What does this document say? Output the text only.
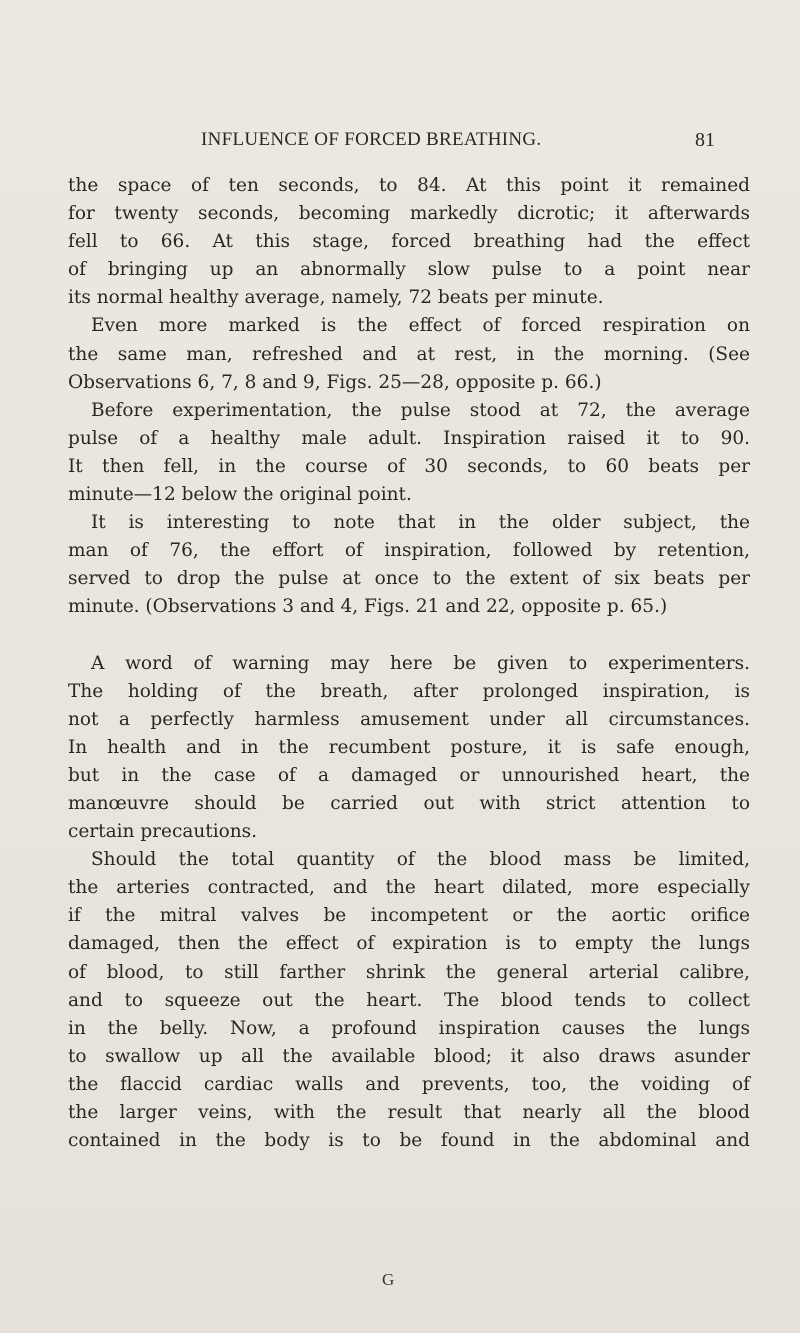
INFLUENCE OF FORCED BREATHING.	81
the space of ten seconds, to 84. At this point it remained
for twenty seconds, becoming markedly dicrotic; it afterwards
fell to 66. At this stage, forced breathing had the effect
of bringing up an abnormally slow pulse to a point near
its normal healthy average, namely, 72 beats per minute.
Even more marked is the effect of forced respiration on
the same man, refreshed and at rest, in the morning. (See
Observations 6, 7, 8 and 9, Figs. 25—28, opposite p. 66.)
Before experimentation, the pulse stood at 72, the average
pulse of a healthy male adult. Inspiration raised it to 90.
It then fell, in the course of 30 seconds, to 60 beats per
minute—12 below the original point.
It is interesting to note that in the older subject, the
man of 76, the effort of inspiration, followed by retention,
served to drop the pulse at once to the extent of six beats per
minute. (Observations 3 and 4, Figs. 21 and 22, opposite p. 65.)
A word of warning may here be given to experimenters.
The holding of the breath, after prolonged inspiration, is
not a perfectly harmless amusement under all circumstances.
In health and in the recumbent posture, it is safe enough,
but in the case of a damaged or unnourished heart, the
manœuvre should be carried out with strict attention to
certain precautions.
Should the total quantity of the blood mass be limited,
the arteries contracted, and the heart dilated, more especially
if the mitral valves be incompetent or the aortic orifice
damaged, then the effect of expiration is to empty the lungs
of blood, to still farther shrink the general arterial calibre,
and to squeeze out the heart. The blood tends to collect
in the belly. Now, a profound inspiration causes the lungs
to swallow up all the available blood; it also draws asunder
the flaccid cardiac walls and prevents, too, the voiding of
the larger veins, with the result that nearly all the blood
contained in the body is to be found in the abdominal and
G
